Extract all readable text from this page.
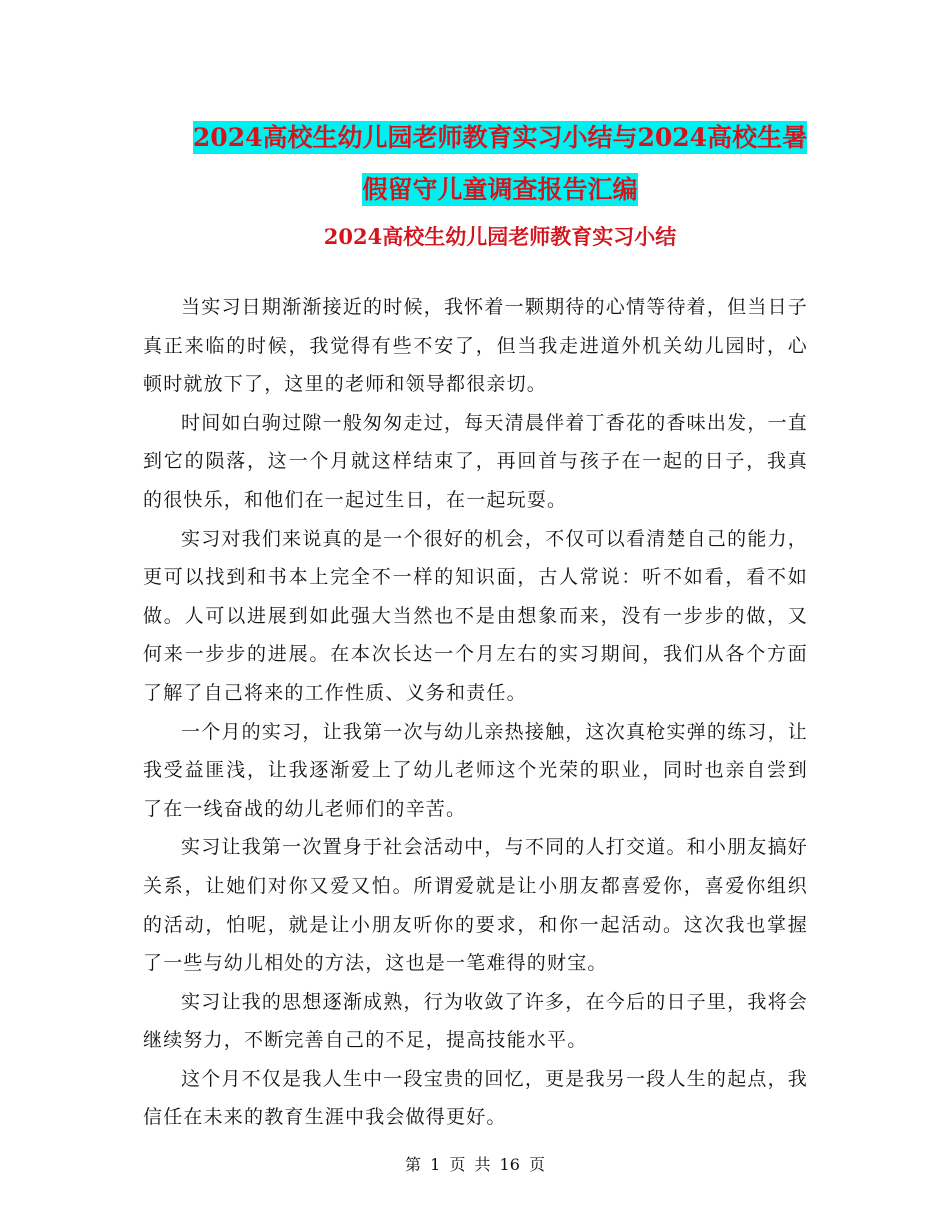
2024高校生幼儿园老师教育实习小结与2024高校生暑
假留守儿童调查报告汇编
2024高校生幼儿园老师教育实习小结

当实习日期渐渐接近的时候，我怀着一颗期待的心情等待着，但当日子真正来临的时候，我觉得有些不安了，但当我走进道外机关幼儿园时，心顿时就放下了，这里的老师和领导都很亲切。

时间如白驹过隙一般匆匆走过，每天清晨伴着丁香花的香味出发，一直到它的陨落，这一个月就这样结束了，再回首与孩子在一起的日子，我真的很快乐，和他们在一起过生日，在一起玩耍。

实习对我们来说真的是一个很好的机会，不仅可以看清楚自己的能力，更可以找到和书本上完全不一样的知识面，古人常说：听不如看，看不如做。人可以进展到如此强大当然也不是由想象而来，没有一步步的做，又何来一步步的进展。在本次长达一个月左右的实习期间，我们从各个方面了解了自己将来的工作性质、义务和责任。

一个月的实习，让我第一次与幼儿亲热接触，这次真枪实弹的练习，让我受益匪浅，让我逐渐爱上了幼儿老师这个光荣的职业，同时也亲自尝到了在一线奋战的幼儿老师们的辛苦。

实习让我第一次置身于社会活动中，与不同的人打交道。和小朋友搞好关系，让她们对你又爱又怕。所谓爱就是让小朋友都喜爱你，喜爱你组织的活动，怕呢，就是让小朋友听你的要求，和你一起活动。这次我也掌握了一些与幼儿相处的方法，这也是一笔难得的财宝。

实习让我的思想逐渐成熟，行为收敛了许多，在今后的日子里，我将会继续努力，不断完善自己的不足，提高技能水平。

这个月不仅是我人生中一段宝贵的回忆，更是我另一段人生的起点，我信任在未来的教育生涯中我会做得更好。

第 1 页 共 16 页
